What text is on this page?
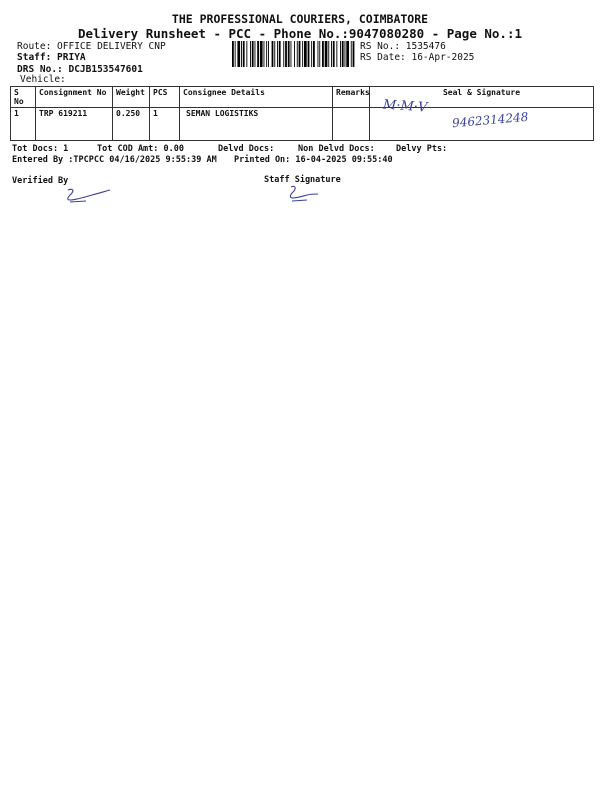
THE PROFESSIONAL COURIERS, COIMBATORE
Delivery Runsheet - PCC - Phone No.:9047080280 - Page No.:1
Route: OFFICE DELIVERY CNP
Staff: PRIYA
DRS No.: DCJB153547601
Vehicle:
RS No.: 1535476
RS Date: 16-Apr-2025
S No	Consignment No	Weight	PCS	Consignee Details	Remarks	Seal & Signature
1	TRP 619211	0.250	1	SEMAN LOGISTIKS			M·M·V
9462314248
Tot Docs: 1	Tot COD Amt: 0.00	Delvd Docs:	Non Delvd Docs: Delvy Pts:
Entered By :TPCPCC 04/16/2025 9:55:39 AM Printed On: 16-04-2025 09:55:40
Verified By	Staff Signature
